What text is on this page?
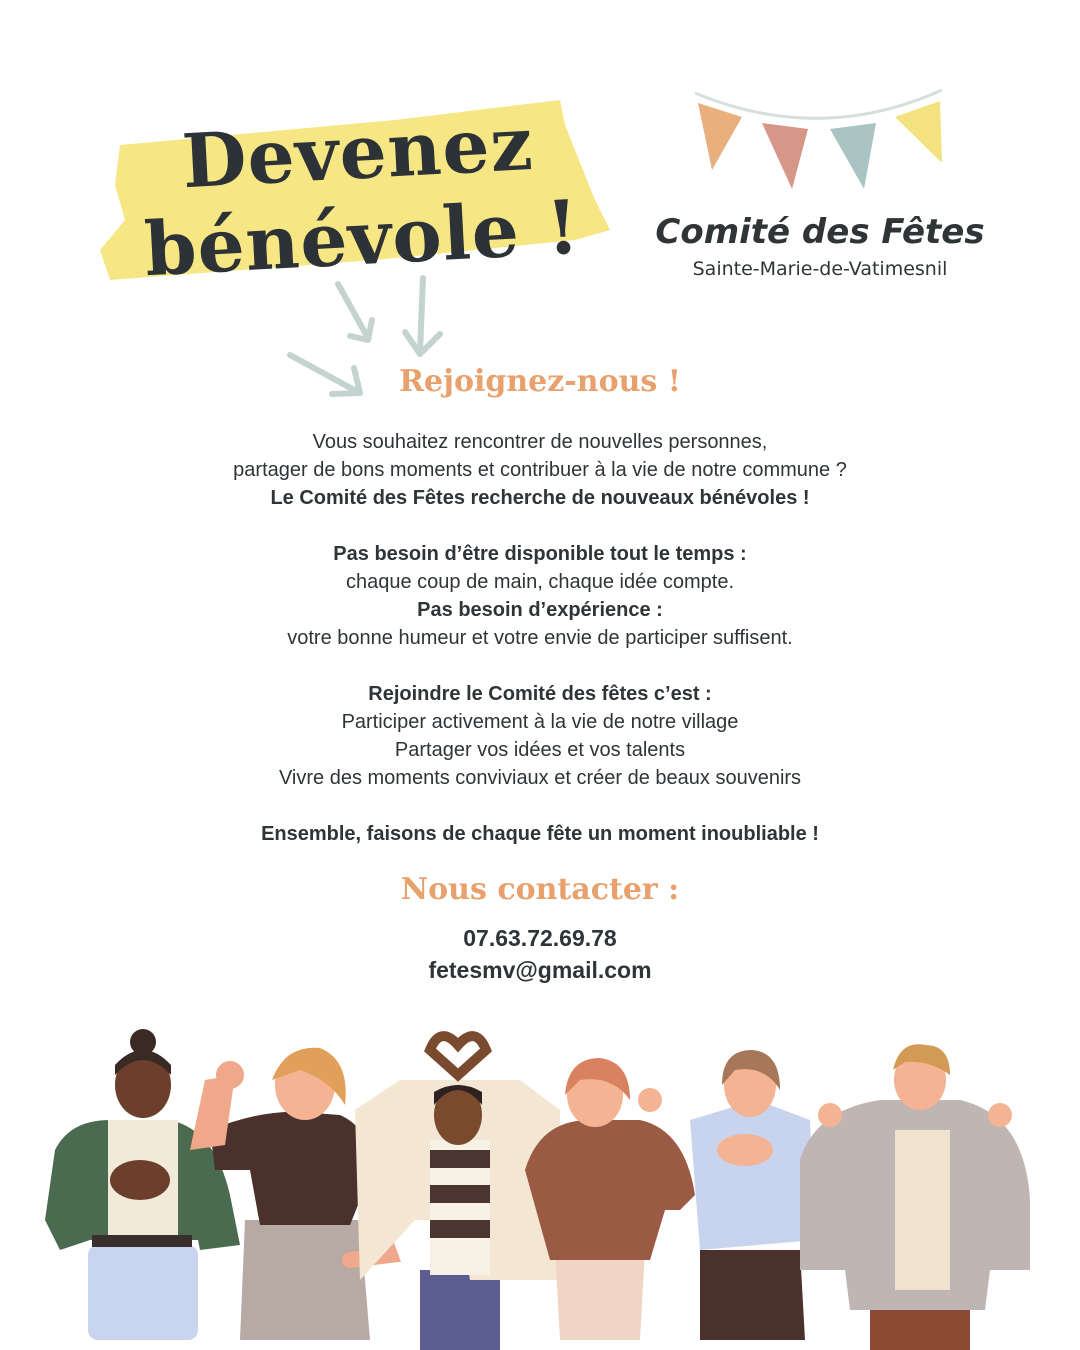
Devenez
bénévole !	Comité des Fêtes
Sainte-Marie-de-Vatimesnil
Rejoignez-nous !

Vous souhaitez rencontrer de nouvelles personnes,

partager de bons moments et contribuer à la vie de notre commune ?

Le Comité des Fêtes recherche de nouveaux bénévoles !

Pas besoin d’être disponible tout le temps :

chaque coup de main, chaque idée compte.

Pas besoin d’expérience :

votre bonne humeur et votre envie de participer suffisent.

Rejoindre le Comité des fêtes c’est :

Participer activement à la vie de notre village

Partager vos idées et vos talents

Vivre des moments conviviaux et créer de beaux souvenirs

Ensemble, faisons de chaque fête un moment inoubliable !

Nous contacter :
07.63.72.69.78
fetesmv@gmail.com
